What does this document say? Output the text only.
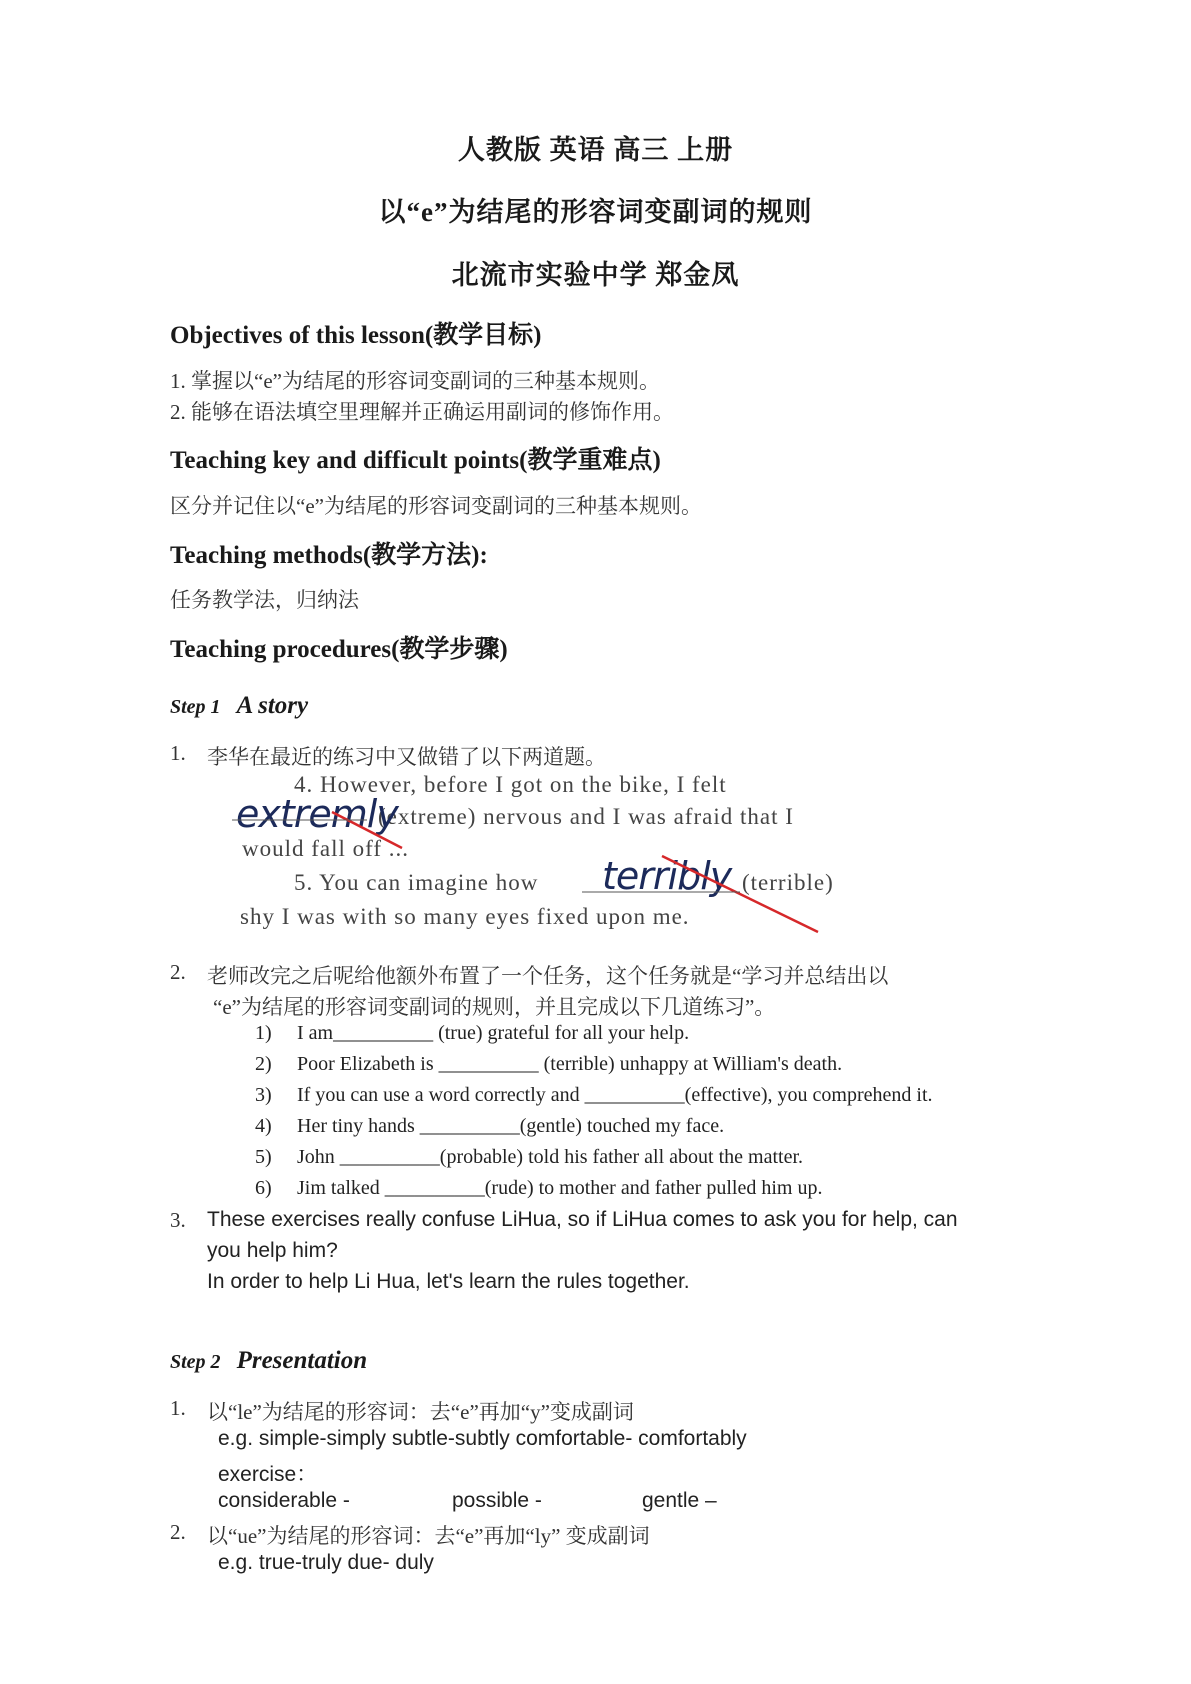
人教版 英语 高三 上册
以“e”为结尾的形容词变副词的规则
北流市实验中学 郑金凤
Objectives of this lesson(教学目标)
1. 掌握以“e”为结尾的形容词变副词的三种基本规则。
2. 能够在语法填空里理解并正确运用副词的修饰作用。
Teaching key and difficult points(教学重难点)
区分并记住以“e”为结尾的形容词变副词的三种基本规则。
Teaching methods(教学方法):
任务教学法，归纳法
Teaching procedures(教学步骤)
Step 1 A story
1. 李华在最近的练习中又做错了以下两道题。
4. However, before I got on the bike, I felt
(extreme) nervous and I was afraid that I
would fall off ...
5. You can imagine how	(terrible)
shy I was with so many eyes fixed upon me.
extremly
terribly
2. 老师改完之后呢给他额外布置了一个任务，这个任务就是“学习并总结出以
“e”为结尾的形容词变副词的规则，并且完成以下几道练习”。
1) I am__________ (true) grateful for all your help.
2) Poor Elizabeth is __________ (terrible) unhappy at William's death.
3) If you can use a word correctly and __________(effective), you comprehend it.
4) Her tiny hands __________(gentle) touched my face.
5) John __________(probable) told his father all about the matter.
6) Jim talked __________(rude) to mother and father pulled him up.
3. These exercises really confuse LiHua, so if LiHua comes to ask you for help, can
you help him?
In order to help Li Hua, let's learn the rules together.
Step 2 Presentation
1. 以“le”为结尾的形容词：去“e”再加“y”变成副词
e.g. simple-simply subtle-subtly comfortable- comfortably
exercise：
considerable -	possible -	gentle –
2. 以“ue”为结尾的形容词：去“e”再加“ly” 变成副词
e.g. true-truly due- duly
